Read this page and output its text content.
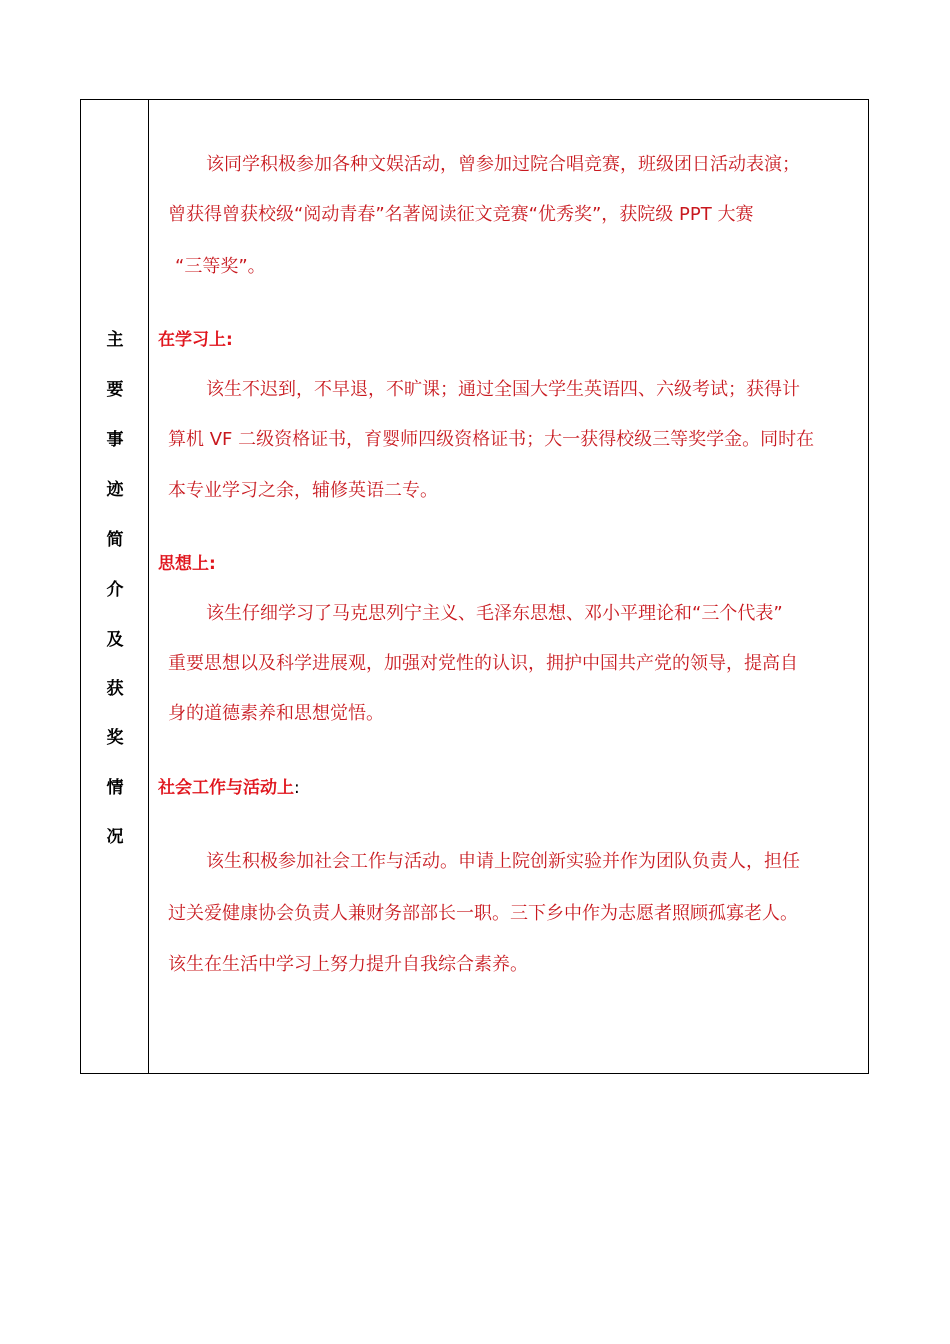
主
要
事
迹
简
介
及
获
奖
情
况
该同学积极参加各种文娱活动，曾参加过院合唱竞赛，班级团日活动表演；
曾获得曾获校级“阅动青春”名著阅读征文竞赛“优秀奖”，获院级 PPT 大赛
“三等奖”。
在学习上:
该生不迟到，不早退，不旷课；通过全国大学生英语四、六级考试；获得计
算机 VF 二级资格证书，育婴师四级资格证书；大一获得校级三等奖学金。同时在
本专业学习之余，辅修英语二专。
思想上:
该生仔细学习了马克思列宁主义、毛泽东思想、邓小平理论和“三个代表”
重要思想以及科学进展观，加强对党性的认识，拥护中国共产党的领导，提高自
身的道德素养和思想觉悟。
社会工作与活动上:
该生积极参加社会工作与活动。申请上院创新实验并作为团队负责人，担任
过关爱健康协会负责人兼财务部部长一职。三下乡中作为志愿者照顾孤寡老人。
该生在生活中学习上努力提升自我综合素养。
